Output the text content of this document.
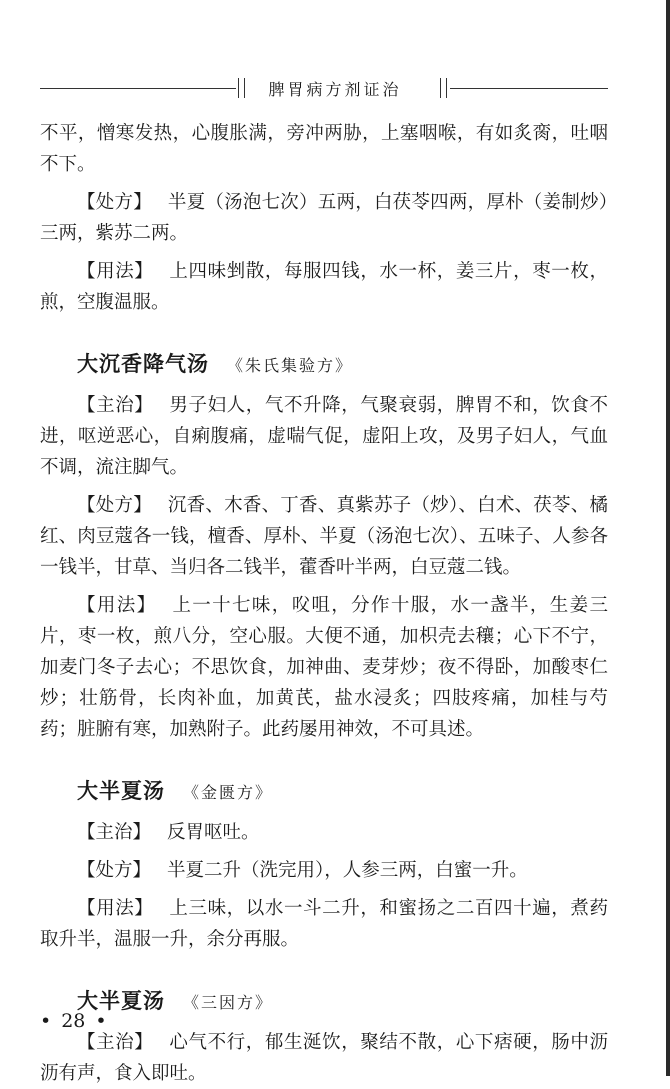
脾胃病方剂证治

不平，憎寒发热，心腹胀满，旁冲两胁，上塞咽喉，有如炙脔，吐咽不下。

【处方】 半夏（汤泡七次）五两，白茯苓四两，厚朴（姜制炒）三两，紫苏二两。

【用法】 上四味剉散，每服四钱，水一杯，姜三片，枣一枚，煎，空腹温服。

大沉香降气汤 《朱氏集验方》

【主治】 男子妇人，气不升降，气聚衰弱，脾胃不和，饮食不进，呕逆恶心，自痢腹痛，虚喘气促，虚阳上攻，及男子妇人，气血不调，流注脚气。

【处方】 沉香、木香、丁香、真紫苏子（炒）、白术、茯苓、橘红、肉豆蔻各一钱，檀香、厚朴、半夏（汤泡七次）、五味子、人参各一钱半，甘草、当归各二钱半，藿香叶半两，白豆蔻二钱。

【用法】 上一十七味，㕮咀，分作十服，水一盏半，生姜三片，枣一枚，煎八分，空心服。大便不通，加枳壳去穰；心下不宁，加麦门冬子去心；不思饮食，加神曲、麦芽炒；夜不得卧，加酸枣仁炒；壮筋骨，长肉补血，加黄芪，盐水浸炙；四肢疼痛，加桂与芍药；脏腑有寒，加熟附子。此药屡用神效，不可具述。

大半夏汤 《金匮方》

【主治】 反胃呕吐。

【处方】 半夏二升（洗完用），人参三两，白蜜一升。

【用法】 上三味，以水一斗二升，和蜜扬之二百四十遍，煮药取升半，温服一升，余分再服。

大半夏汤 《三因方》

【主治】 心气不行，郁生涎饮，聚结不散，心下痞硬，肠中沥沥有声，食入即吐。

• 28 •
